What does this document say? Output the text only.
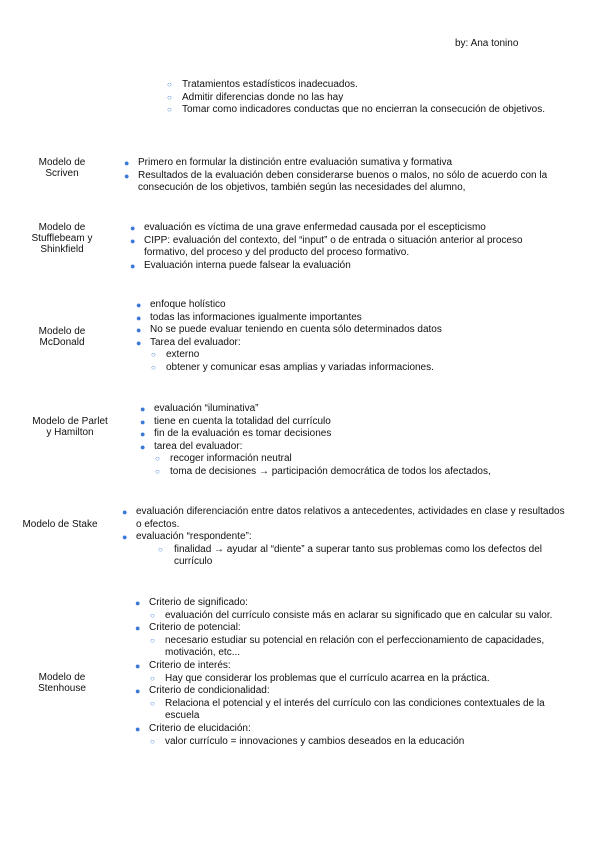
by: Ana tonino
○ Tratamientos estadísticos inadecuados.
○ Admitir diferencias donde no las hay
○ Tomar como indicadores conductas que no encierran la consecución de objetivos.
Modelo de Scriven
● Primero en formular la distinción entre evaluación sumativa y formativa
● Resultados de la evaluación deben considerarse buenos o malos, no sólo de acuerdo con la consecución de los objetivos, también según las necesidades del alumno,
Modelo de Stufflebeam y Shinkfield
● evaluación es víctima de una grave enfermedad causada por el escepticismo
● CIPP: evaluación del contexto, del “input” o de entrada o situación anterior al proceso formativo, del proceso y del producto del proceso formativo.
● Evaluación interna puede falsear la evaluación
Modelo de McDonald
● enfoque holístico
● todas las informaciones igualmente importantes
● No se puede evaluar teniendo en cuenta sólo determinados datos
● Tarea del evaluador:
○ externo
○ obtener y comunicar esas amplias y variadas informaciones.
Modelo de Parlet y Hamilton
● evaluación “iluminativa”
● tiene en cuenta la totalidad del currículo
● fin de la evaluación es tomar decisiones
● tarea del evaluador:
○ recoger información neutral
○ toma de decisiones → participación democrática de todos los afectados,
Modelo de Stake
● evaluación diferenciación entre datos relativos a antecedentes, actividades en clase y resultados o efectos.
● evaluación “respondente”:
○ finalidad → ayudar al “diente” a superar tanto sus problemas como los defectos del currículo
Modelo de Stenhouse
● Criterio de significado:
○ evaluación del currículo consiste más en aclarar su significado que en calcular su valor.
● Criterio de potencial:
○ necesario estudiar su potencial en relación con el perfeccionamiento de capacidades, motivación, etc...
● Criterio de interés:
○ Hay que considerar los problemas que el currículo acarrea en la práctica.
● Criterio de condicionalidad:
○ Relaciona el potencial y el interés del currículo con las condiciones contextuales de la escuela
● Criterio de elucidación:
○ valor currículo = innovaciones y cambios deseados en la educación
